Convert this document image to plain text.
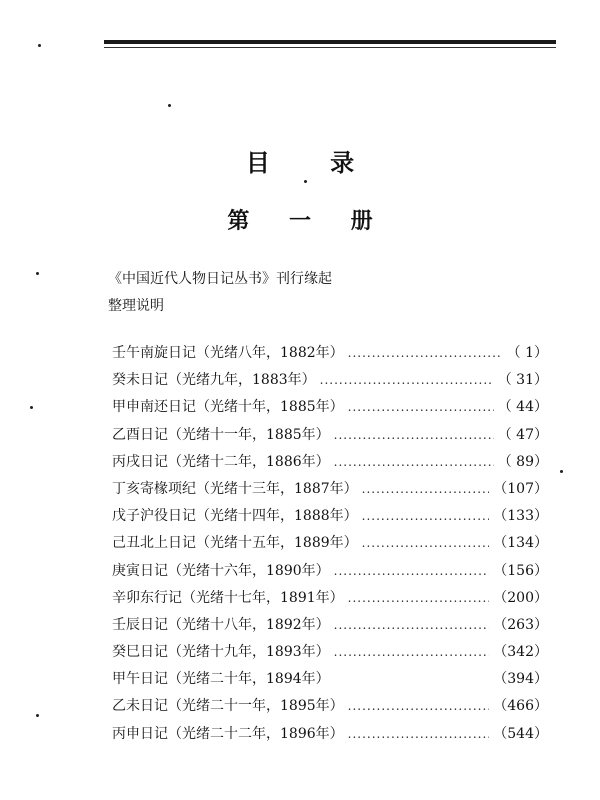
目 录
第 一 册
《中国近代人物日记丛书》刊行缘起
整理说明
壬午南旋日记（光绪八年，1882年） .....	（ 1）
癸未日记（光绪九年，1883年） .....	（ 31）
甲申南还日记（光绪十年，1885年） .....	（ 44）
乙酉日记（光绪十一年，1885年） .....	（ 47）
丙戌日记（光绪十二年，1886年） .....	（ 89）
丁亥寄椽项纪（光绪十三年，1887年） .....	（107）
戊子沪役日记（光绪十四年，1888年） .....	（133）
己丑北上日记（光绪十五年，1889年） .....	（134）
庚寅日记（光绪十六年，1890年） .....	（156）
辛卯东行记（光绪十七年，1891年） .....	（200）
壬辰日记（光绪十八年，1892年） .....	（263）
癸巳日记（光绪十九年，1893年） .....	（342）
甲午日记（光绪二十年，1894年）	（394）
乙未日记（光绪二十一年，1895年） .....	（466）
丙申日记（光绪二十二年，1896年） .....	（544）
